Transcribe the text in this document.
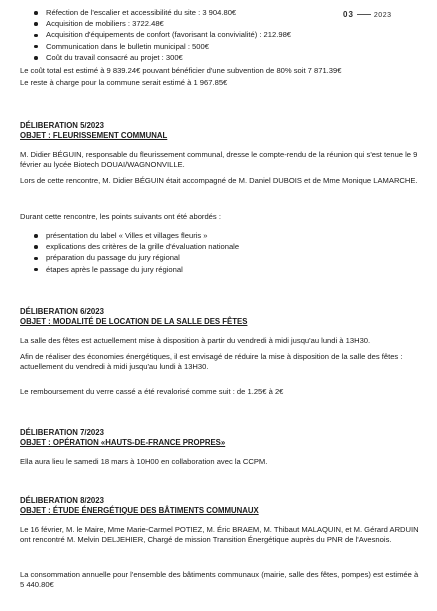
03	2023
Réfection de l'escalier et accessibilité du site : 3 904.80€
Acquisition de mobiliers : 3722.48€
Acquisition d'équipements de confort (favorisant la convivialité) : 212.98€
Communication dans le bulletin municipal : 500€
Coût du travail consacré au projet : 300€
Le coût total est estimé à 9 839.24€ pouvant bénéficier d'une subvention de 80% soit 7 871.39€
Le reste à charge pour la commune serait estimé à 1 967.85€
DÉLIBERATION 5/2023
OBJET : FLEURISSEMENT COMMUNAL
M. Didier BÉGUIN, responsable du fleurissement communal, dresse le compte-rendu de la réunion qui s'est tenue le 9 février au lycée Biotech DOUAI/WAGNONVILLE.
Lors de cette rencontre, M. Didier BÉGUIN était accompagné de M. Daniel DUBOIS et de Mme Monique LAMARCHE.
Durant cette rencontre, les points suivants ont été abordés :
présentation du label « Villes et villages fleuris »
explications des critères de la grille d'évaluation nationale
préparation du passage du jury régional
étapes après le passage du jury régional
DÉLIBERATION 6/2023
OBJET : MODALITÉ DE LOCATION DE LA SALLE DES FÊTES
La salle des fêtes est actuellement mise à disposition à partir du vendredi à midi jusqu'au lundi à 13H30.
Afin de réaliser des économies énergétiques, il est envisagé de réduire la mise à disposition de la salle des fêtes : actuellement du vendredi à midi jusqu'au lundi à 13H30.
Le remboursement du verre cassé a été revalorisé comme suit : de 1.25€ à 2€
DÉLIBERATION 7/2023
OBJET : OPÉRATION «HAUTS-DE-FRANCE PROPRES»
Ella aura lieu le samedi 18 mars à 10H00 en collaboration avec la CCPM.
DÉLIBERATION 8/2023
OBJET : ÉTUDE ÉNERGÉTIQUE DES BÂTIMENTS COMMUNAUX
Le 16 février, M. le Maire, Mme Marie-Carmel POTIEZ, M. Éric BRAEM, M. Thibaut MALAQUIN, et M. Gérard ARDUIN ont rencontré M. Melvin DELJEHIER, Chargé de mission Transition Énergétique auprès du PNR de l'Avesnois.
La consommation annuelle pour l'ensemble des bâtiments communaux (mairie, salle des fêtes, pompes) est estimée à 5 440.80€
